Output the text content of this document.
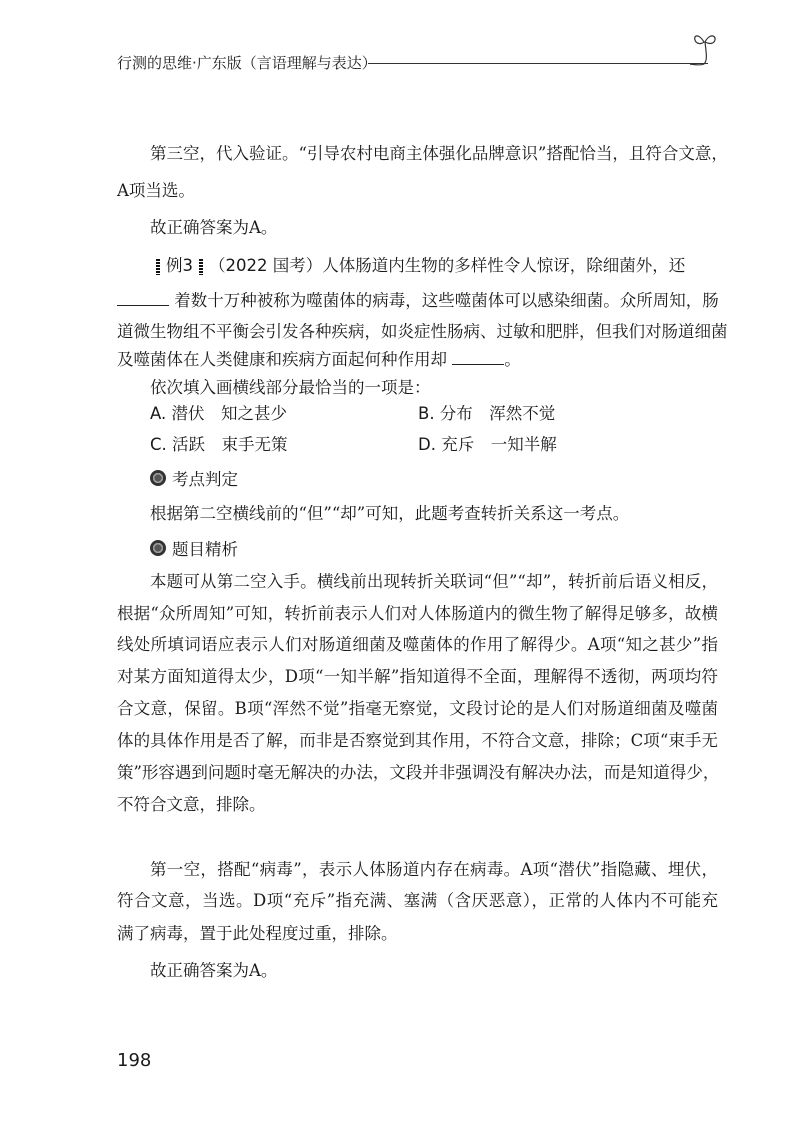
行测的思维·广东版（言语理解与表达）
第三空，代入验证。“引导农村电商主体强化品牌意识”搭配恰当，且符合文意，
A项当选。
故正确答案为A。
例3 （2022 国考）人体肠道内生物的多样性令人惊讶，除细菌外，还
着数十万种被称为噬菌体的病毒，这些噬菌体可以感染细菌。众所周知，肠
道微生物组不平衡会引发各种疾病，如炎症性肠病、过敏和肥胖，但我们对肠道细菌
及噬菌体在人类健康和疾病方面起何种作用却	。
依次填入画横线部分最恰当的一项是：
A. 潜伏　知之甚少	B. 分布　浑然不觉
C. 活跃　束手无策	D. 充斥　一知半解
考点判定
根据第二空横线前的“但”“却”可知，此题考查转折关系这一考点。
题目精析
本题可从第二空入手。横线前出现转折关联词“但”“却”，转折前后语义相反，
根据“众所周知”可知，转折前表示人们对人体肠道内的微生物了解得足够多，故横
线处所填词语应表示人们对肠道细菌及噬菌体的作用了解得少。A项“知之甚少”指
对某方面知道得太少，D项“一知半解”指知道得不全面，理解得不透彻，两项均符
合文意，保留。B项“浑然不觉”指毫无察觉，文段讨论的是人们对肠道细菌及噬菌
体的具体作用是否了解，而非是否察觉到其作用，不符合文意，排除；C项“束手无
策”形容遇到问题时毫无解决的办法，文段并非强调没有解决办法，而是知道得少，
不符合文意，排除。
第一空，搭配“病毒”，表示人体肠道内存在病毒。A项“潜伏”指隐藏、埋伏，
符合文意，当选。D项“充斥”指充满、塞满（含厌恶意），正常的人体内不可能充
满了病毒，置于此处程度过重，排除。
故正确答案为A。
198
